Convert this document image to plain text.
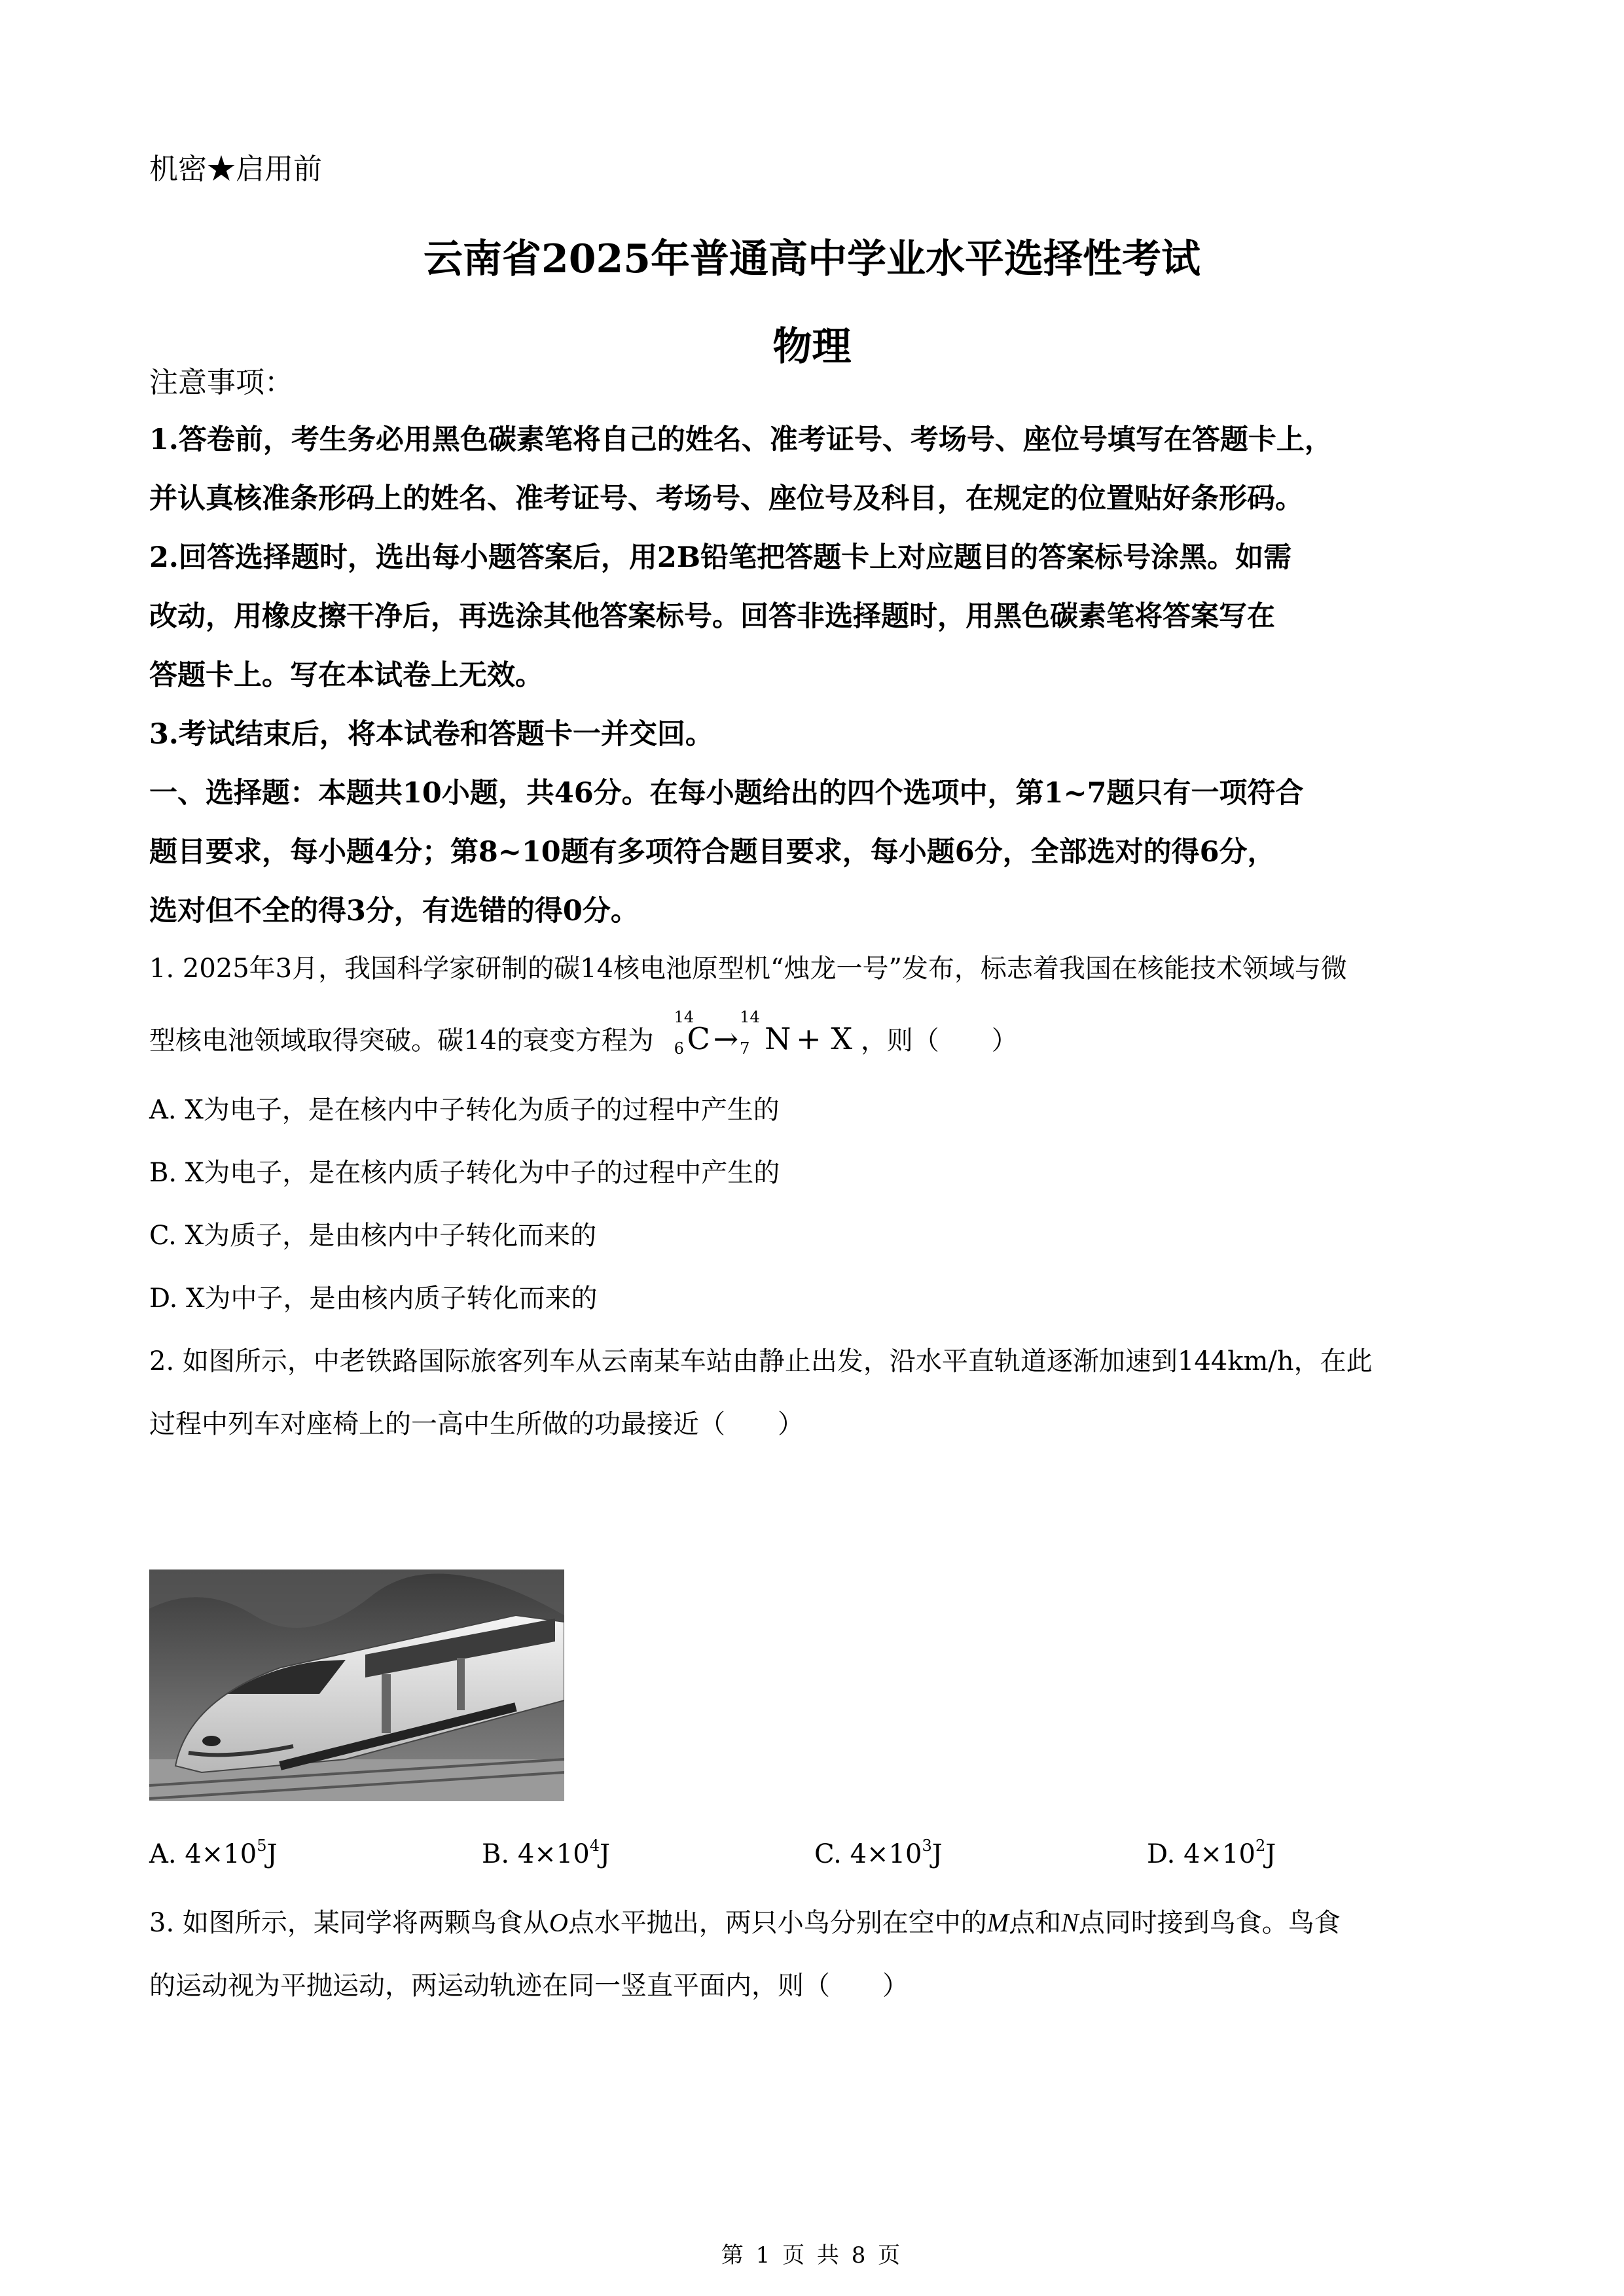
机密★启用前
云南省2025年普通高中学业水平选择性考试
物理
注意事项：
1.答卷前，考生务必用黑色碳素笔将自己的姓名、准考证号、考场号、座位号填写在答题卡上，
并认真核准条形码上的姓名、准考证号、考场号、座位号及科目，在规定的位置贴好条形码。
2.回答选择题时，选出每小题答案后，用2B铅笔把答题卡上对应题目的答案标号涂黑。如需
改动，用橡皮擦干净后，再选涂其他答案标号。回答非选择题时，用黑色碳素笔将答案写在
答题卡上。写在本试卷上无效。
3.考试结束后，将本试卷和答题卡一并交回。
一、选择题：本题共10小题，共46分。在每小题给出的四个选项中，第1~7题只有一项符合
题目要求，每小题4分；第8~10题有多项符合题目要求，每小题6分，全部选对的得6分，
选对但不全的得3分，有选错的得0分。
1. 2025年3月，我国科学家研制的碳14核电池原型机“烛龙一号”发布，标志着我国在核能技术领域与微
型核电池领域取得突破。碳14的衰变方程为
14
6 C →
14
7 N + X ，则（　　）
A. X为电子，是在核内中子转化为质子的过程中产生的
B. X为电子，是在核内质子转化为中子的过程中产生的
C. X为质子，是由核内中子转化而来的
D. X为中子，是由核内质子转化而来的
2. 如图所示，中老铁路国际旅客列车从云南某车站由静止出发，沿水平直轨道逐渐加速到144km/h，在此
过程中列车对座椅上的一高中生所做的功最接近（　　）
A. $4\times 10^5J$	B. $4\times 10^4J$	C. $4\times 10^3J$	D. $4\times 10^2J$
3. 如图所示，某同学将两颗鸟食从O点水平抛出，两只小鸟分别在空中的M点和N点同时接到鸟食。鸟食
的运动视为平抛运动，两运动轨迹在同一竖直平面内，则（　　）
第 1 页 共 8 页
